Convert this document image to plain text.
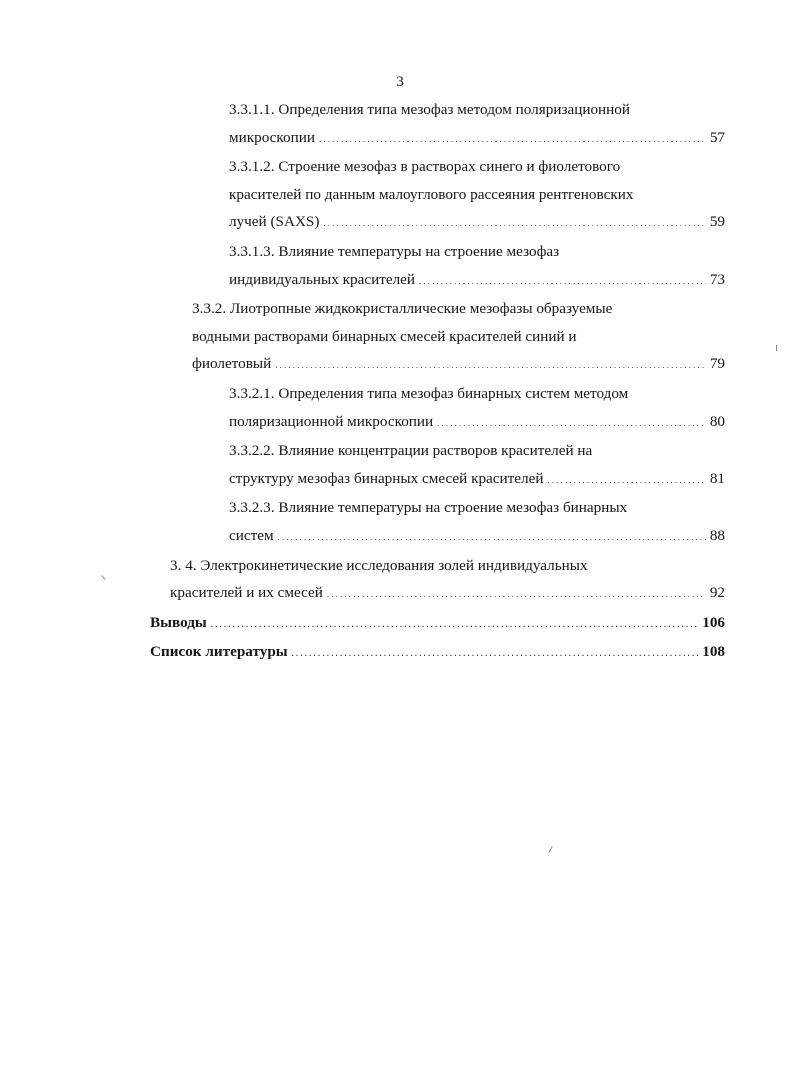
3
3.3.1.1. Определения типа мезофаз методом поляризационной
микроскопии . . .	57
3.3.1.2. Строение мезофаз в растворах синего и фиолетового
красителей по данным малоуглового рассеяния рентгеновских
лучей (SAXS) . . .	59
3.3.1.3. Влияние температуры на строение мезофаз
индивидуальных красителей . . .	73
3.3.2. Лиотропные жидкокристаллические мезофазы образуемые
водными растворами бинарных смесей красителей синий и
фиолетовый . . .	79
3.3.2.1. Определения типа мезофаз бинарных систем методом
поляризационной микроскопии . . .	80
3.3.2.2. Влияние концентрации растворов красителей на
структуру мезофаз бинарных смесей красителей . . .	81
3.3.2.3. Влияние температуры на строение мезофаз бинарных
систем . . .	88
3. 4. Электрокинетические исследования золей индивидуальных
красителей и их смесей . . .	92
Выводы . . .	106
Список литературы . . .	108
